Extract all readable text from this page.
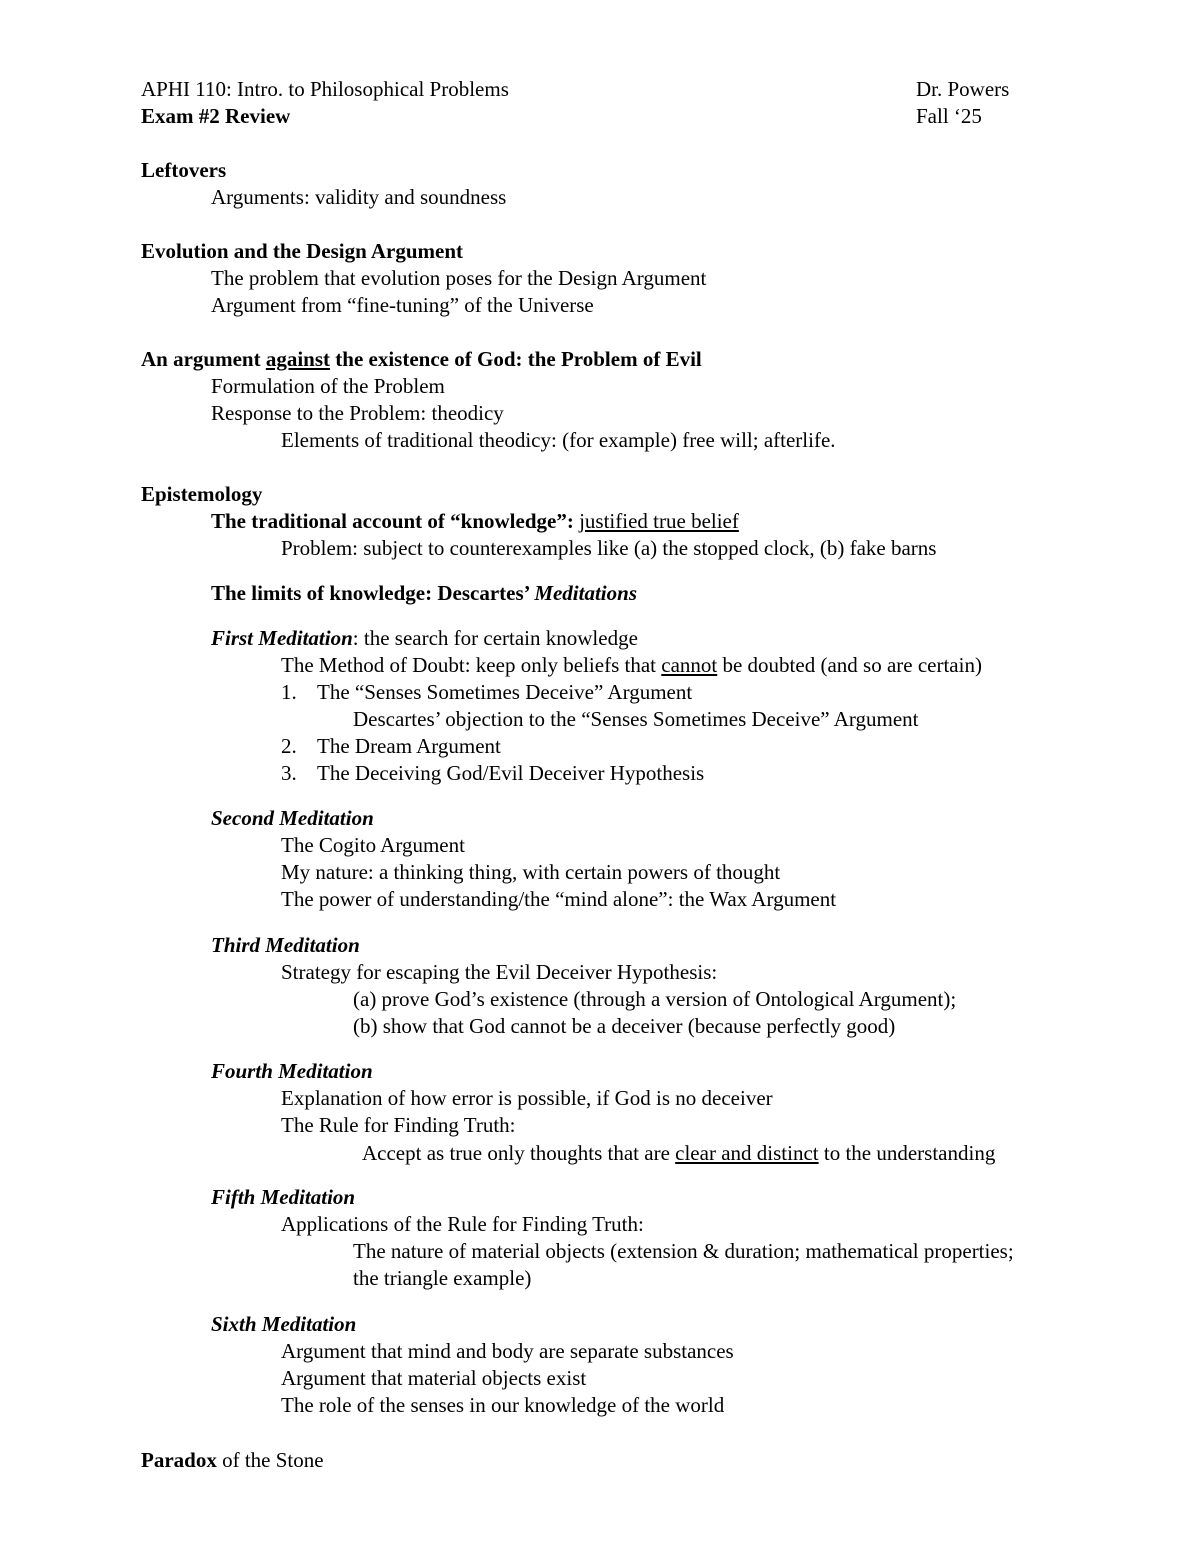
APHI 110: Intro. to Philosophical Problems	Dr. Powers
Exam #2 Review	Fall ‘25
Leftovers
Arguments: validity and soundness
Evolution and the Design Argument
The problem that evolution poses for the Design Argument
Argument from “fine-tuning” of the Universe
An argument against the existence of God: the Problem of Evil
Formulation of the Problem
Response to the Problem: theodicy
Elements of traditional theodicy: (for example) free will; afterlife.
Epistemology
The traditional account of “knowledge”: justified true belief
Problem: subject to counterexamples like (a) the stopped clock, (b) fake barns
The limits of knowledge: Descartes’ Meditations
First Meditation: the search for certain knowledge
The Method of Doubt: keep only beliefs that cannot be doubted (and so are certain)
1. The “Senses Sometimes Deceive” Argument
Descartes’ objection to the “Senses Sometimes Deceive” Argument
2. The Dream Argument
3. The Deceiving God/Evil Deceiver Hypothesis
Second Meditation
The Cogito Argument
My nature: a thinking thing, with certain powers of thought
The power of understanding/the “mind alone”: the Wax Argument
Third Meditation
Strategy for escaping the Evil Deceiver Hypothesis:
(a) prove God’s existence (through a version of Ontological Argument);
(b) show that God cannot be a deceiver (because perfectly good)
Fourth Meditation
Explanation of how error is possible, if God is no deceiver
The Rule for Finding Truth:
Accept as true only thoughts that are clear and distinct to the understanding
Fifth Meditation
Applications of the Rule for Finding Truth:
The nature of material objects (extension & duration; mathematical properties;
the triangle example)
Sixth Meditation
Argument that mind and body are separate substances
Argument that material objects exist
The role of the senses in our knowledge of the world
Paradox of the Stone
